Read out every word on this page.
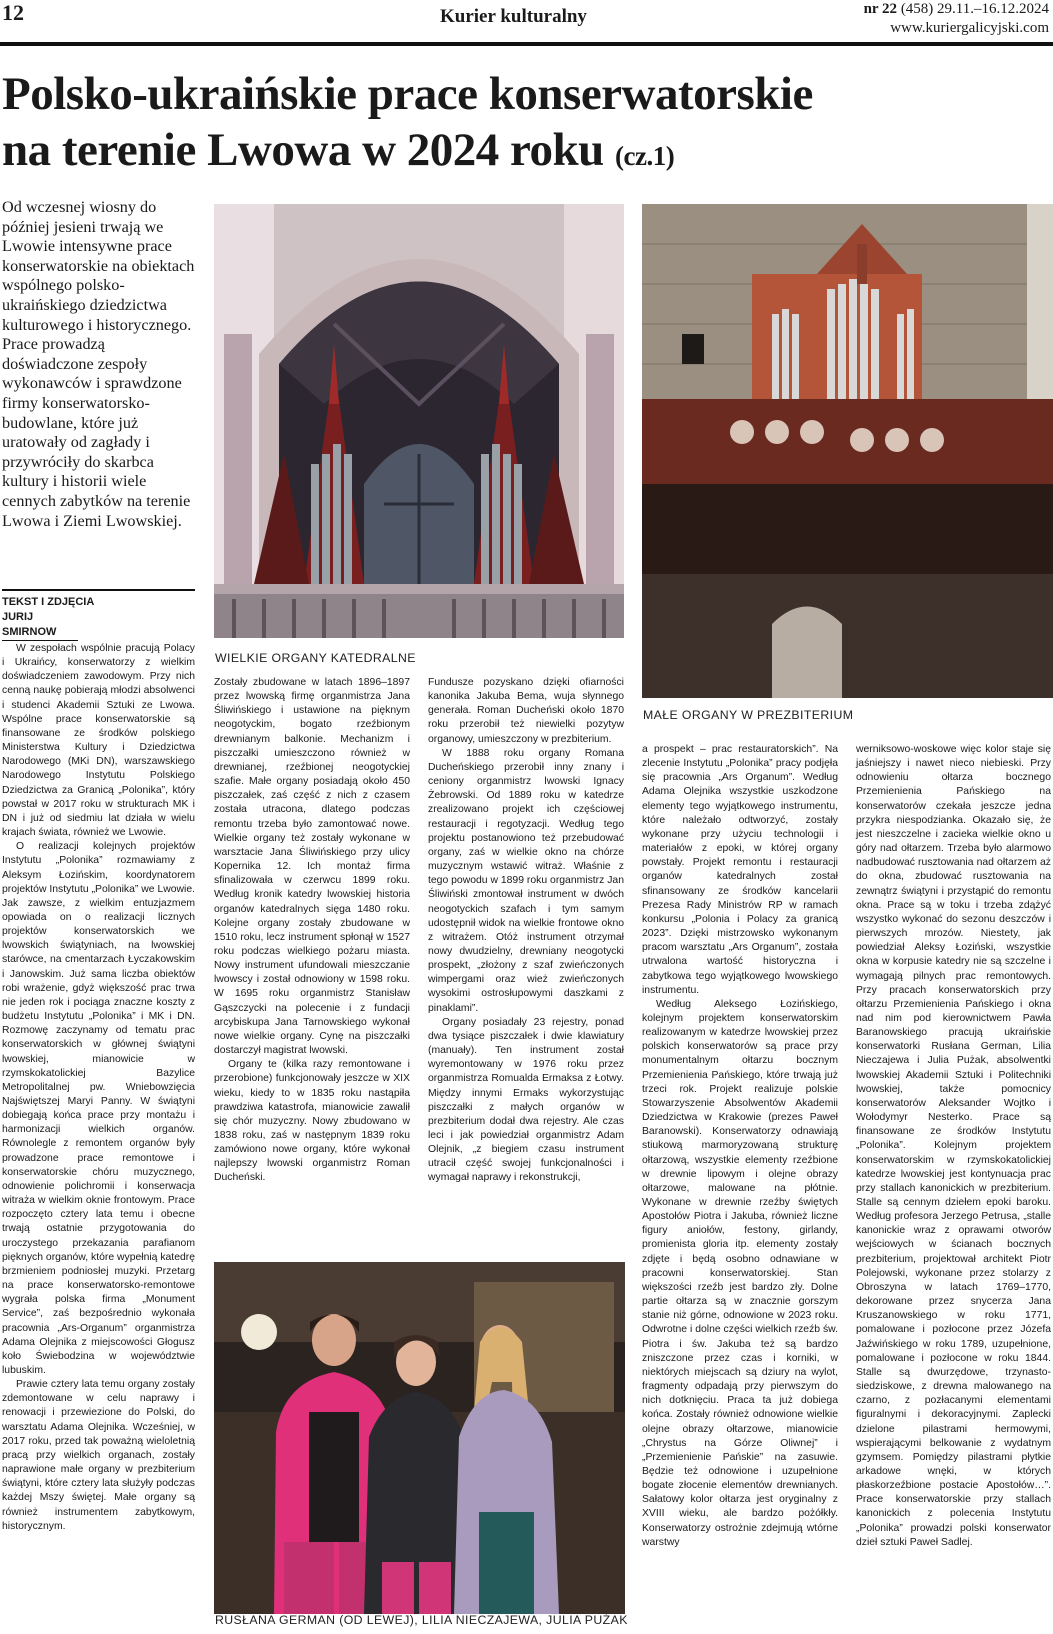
12	Kurier kulturalny	nr 22 (458) 29.11.–16.12.2024
www.kuriergalicyjski.com
Polsko-ukraińskie prace konserwatorskie
na terenie Lwowa w 2024 roku (cz.1)

Od wczesnej wiosny do później jesieni trwają we Lwowie intensywne prace konserwatorskie na obiektach wspólnego polsko-ukraińskiego dziedzictwa kulturowego i historycznego. Prace prowadzą doświadczone zespoły wykonawców i sprawdzone firmy konserwatorsko-budowlane, które już uratowały od zagłady i przywróciły do skarbca kultury i historii wiele cennych zabytków na terenie Lwowa i Ziemi Lwowskiej.

TEKST I ZDJĘCIA
JURIJ SMIRNOW
WIELKIE ORGANY KATEDRALNE
MAŁE ORGANY W PREZBITERIUM
RUSŁANA GERMAN (OD LEWEJ), LILIA NIECZAJEWA, JULIA PUŻAK

W zespołach wspólnie pracują Polacy i Ukraińcy, konserwatorzy z wielkim doświadczeniem zawodowym. Przy nich cenną naukę pobierają młodzi absolwenci i studenci Akademii Sztuki ze Lwowa. Wspólne prace konserwatorskie są finansowane ze środków polskiego Ministerstwa Kultury i Dziedzictwa Narodowego (MKi DN), warszawskiego Narodowego Instytutu Polskiego Dziedzictwa za Granicą „Polonika”, który powstał w 2017 roku w strukturach MK i DN i już od siedmiu lat działa w wielu krajach świata, również we Lwowie.

O realizacji kolejnych projektów Instytutu „Polonika” rozmawiamy z Aleksym Łozińskim, koordynatorem projektów Instytutu „Polonika” we Lwowie. Jak zawsze, z wielkim entuzjazmem opowiada on o realizacji licznych projektów konserwatorskich we lwowskich świątyniach, na lwowskiej starówce, na cmentarzach Łyczakowskim i Janowskim. Już sama liczba obiektów robi wrażenie, gdyż większość prac trwa nie jeden rok i pociąga znaczne koszty z budżetu Instytutu „Polonika” i MK i DN. Rozmowę zaczynamy od tematu prac konserwatorskich w głównej świątyni lwowskiej, mianowicie w rzymskokatolickiej Bazylice Metropolitalnej pw. Wniebowzięcia Najświętszej Maryi Panny. W świątyni dobiegają końca prace przy montażu i harmonizacji wielkich organów. Równolegle z remontem organów były prowadzone prace remontowe i konserwatorskie chóru muzycznego, odnowienie polichromii i konserwacja witraża w wielkim oknie frontowym. Prace rozpoczęto cztery lata temu i obecne trwają ostatnie przygotowania do uroczystego przekazania parafianom pięknych organów, które wypełnią katedrę brzmieniem podniosłej muzyki. Przetarg na prace konserwatorsko-remontowe wygrała polska firma „Monument Service”, zaś bezpośrednio wykonała pracownia „Ars-Organum” organmistrza Adama Olejnika z miejscowości Głogusz koło Świebodzina w województwie lubuskim.

Prawie cztery lata temu organy zostały zdemontowane w celu naprawy i renowacji i przewiezione do Polski, do warsztatu Adama Olejnika. Wcześniej, w 2017 roku, przed tak poważną wieloletnią pracą przy wielkich organach, zostały naprawione małe organy w prezbiterium świątyni, które cztery lata służyły podczas każdej Mszy świętej. Małe organy są również instrumentem zabytkowym, historycznym.

Zostały zbudowane w latach 1896–1897 przez lwowską firmę organmistrza Jana Śliwińskiego i ustawione na pięknym neogotyckim, bogato rzeźbionym drewnianym balkonie. Mechanizm i piszczałki umieszczono również w drewnianej, rzeźbionej neogotyckiej szafie. Małe organy posiadają około 450 piszczałek, zaś część z nich z czasem została utracona, dlatego podczas remontu trzeba było zamontować nowe. Wielkie organy też zostały wykonane w warsztacie Jana Śliwińskiego przy ulicy Kopernika 12. Ich montaż firma sfinalizowała w czerwcu 1899 roku. Według kronik katedry lwowskiej historia organów katedralnych sięga 1480 roku. Kolejne organy zostały zbudowane w 1510 roku, lecz instrument spłonął w 1527 roku podczas wielkiego pożaru miasta. Nowy instrument ufundowali mieszczanie lwowscy i został odnowiony w 1598 roku. W 1695 roku organmistrz Stanisław Gąszczycki na polecenie i z fundacji arcybiskupa Jana Tarnowskiego wykonał nowe wielkie organy. Cynę na piszczałki dostarczył magistrat lwowski.

Organy te (kilka razy remontowane i przerobione) funkcjonowały jeszcze w XIX wieku, kiedy to w 1835 roku nastąpiła prawdziwa katastrofa, mianowicie zawalił się chór muzyczny. Nowy zbudowano w 1838 roku, zaś w następnym 1839 roku zamówiono nowe organy, które wykonał najlepszy lwowski organmistrz Roman Ducheński.

Fundusze pozyskano dzięki ofiarności kanonika Jakuba Bema, wuja słynnego generała. Roman Ducheński około 1870 roku przerobił też niewielki pozytyw organowy, umieszczony w prezbiterium.

W 1888 roku organy Romana Ducheńskiego przerobił inny znany i ceniony organmistrz lwowski Ignacy Żebrowski. Od 1889 roku w katedrze zrealizowano projekt ich częściowej restauracji i regotyzacji. Według tego projektu postanowiono też przebudować organy, zaś w wielkie okno na chórze muzycznym wstawić witraż. Właśnie z tego powodu w 1899 roku organmistrz Jan Śliwiński zmontował instrument w dwóch neogotyckich szafach i tym samym udostępnił widok na wielkie frontowe okno z witrażem. Otóż instrument otrzymał nowy dwudzielny, drewniany neogotycki prospekt, „złożony z szaf zwieńczonych wimpergami oraz wież zwieńczonych wysokimi ostrosłupowymi daszkami z pinaklami”.

Organy posiadały 23 rejestry, ponad dwa tysiące piszczałek i dwie klawiatury (manuały). Ten instrument został wyremontowany w 1976 roku przez organmistrza Romualda Ermaksa z Łotwy. Między innymi Ermaks wykorzystując piszczałki z małych organów w prezbiterium dodał dwa rejestry. Ale czas leci i jak powiedział organmistrz Adam Olejnik, „z biegiem czasu instrument utracił część swojej funkcjonalności i wymagał naprawy i rekonstrukcji,

a prospekt – prac restauratorskich”. Na zlecenie Instytutu „Polonika” pracy podjęła się pracownia „Ars Organum”. Według Adama Olejnika wszystkie uszkodzone elementy tego wyjątkowego instrumentu, które należało odtworzyć, zostały wykonane przy użyciu technologii i materiałów z epoki, w której organy powstały. Projekt remontu i restauracji organów katedralnych został sfinansowany ze środków kancelarii Prezesa Rady Ministrów RP w ramach konkursu „Polonia i Polacy za granicą 2023”. Dzięki mistrzowsko wykonanym pracom warsztatu „Ars Organum”, została utrwalona wartość historyczna i zabytkowa tego wyjątkowego lwowskiego instrumentu.

Według Aleksego Łozińskiego, kolejnym projektem konserwatorskim realizowanym w katedrze lwowskiej przez polskich konserwatorów są prace przy monumentalnym ołtarzu bocznym Przemienienia Pańskiego, które trwają już trzeci rok. Projekt realizuje polskie Stowarzyszenie Absolwentów Akademii Dziedzictwa w Krakowie (prezes Paweł Baranowski). Konserwatorzy odnawiają stiukową marmoryzowaną strukturę ołtarzową, wszystkie elementy rzeźbione w drewnie lipowym i olejne obrazy ołtarzowe, malowane na płótnie. Wykonane w drewnie rzeźby świętych Apostołów Piotra i Jakuba, również liczne figury aniołów, festony, girlandy, promienista gloria itp. elementy zostały zdjęte i będą osobno odnawiane w pracowni konserwatorskiej. Stan większości rzeźb jest bardzo zły. Dolne partie ołtarza są w znacznie gorszym stanie niż górne, odnowione w 2023 roku. Odwrotne i dolne części wielkich rzeźb św. Piotra i św. Jakuba też są bardzo zniszczone przez czas i korniki, w niektórych miejscach są dziury na wylot, fragmenty odpadają przy pierwszym do nich dotknięciu. Praca ta już dobiega końca. Zostały również odnowione wielkie olejne obrazy ołtarzowe, mianowicie „Chrystus na Górze Oliwnej” i „Przemienienie Pańskie” na zasuwie. Będzie też odnowione i uzupełnione bogate złocenie elementów drewnianych. Sałatowy kolor ołtarza jest oryginalny z XVIII wieku, ale bardzo pożółkły. Konserwatorzy ostrożnie zdejmują wtórne warstwy

werniksowo-woskowe więc kolor staje się jaśniejszy i nawet nieco niebieski. Przy odnowieniu ołtarza bocznego Przemienienia Pańskiego na konserwatorów czekała jeszcze jedna przykra niespodzianka. Okazało się, że jest nieszczelne i zacieka wielkie okno u góry nad ołtarzem. Trzeba było alarmowo nadbudować rusztowania nad ołtarzem aż do okna, zbudować rusztowania na zewnątrz świątyni i przystąpić do remontu okna. Prace są w toku i trzeba zdążyć wszystko wykonać do sezonu deszczów i pierwszych mrozów. Niestety, jak powiedział Aleksy Łoziński, wszystkie okna w korpusie katedry nie są szczelne i wymagają pilnych prac remontowych. Przy pracach konserwatorskich przy ołtarzu Przemienienia Pańskiego i okna nad nim pod kierownictwem Pawła Baranowskiego pracują ukraińskie konserwatorki Rusłana German, Lilia Nieczajewa i Julia Pużak, absolwentki lwowskiej Akademii Sztuki i Politechniki lwowskiej, także pomocnicy konserwatorów Aleksander Wojtko i Wołodymyr Nesterko. Prace są finansowane ze środków Instytutu „Polonika”. Kolejnym projektem konserwatorskim w rzymskokatolickiej katedrze lwowskiej jest kontynuacja prac przy stallach kanonickich w prezbiterium. Stalle są cennym dziełem epoki baroku. Według profesora Jerzego Petrusa, „stalle kanonickie wraz z oprawami otworów wejściowych w ścianach bocznych prezbiterium, projektował architekt Piotr Polejowski, wykonane przez stolarzy z Obroszyna w latach 1769–1770, dekorowane przez snycerza Jana Kruszanowskiego w roku 1771, pomalowane i pozłocone przez Józefa Jaźwińskiego w roku 1789, uzupełnione, pomalowane i pozłocone w roku 1844. Stalle są dwurzędowe, trzynasto-siedziskowe, z drewna malowanego na czarno, z pozłacanymi elementami figuralnymi i dekoracyjnymi. Zaplecki dzielone pilastrami hermowymi, wspierającymi belkowanie z wydatnym gzymsem. Pomiędzy pilastrami płytkie arkadowe wnęki, w których płaskorzeźbione postacie Apostołów…”. Prace konserwatorskie przy stallach kanonickich z polecenia Instytutu „Polonika” prowadzi polski konserwator dzieł sztuki Paweł Sadlej.
